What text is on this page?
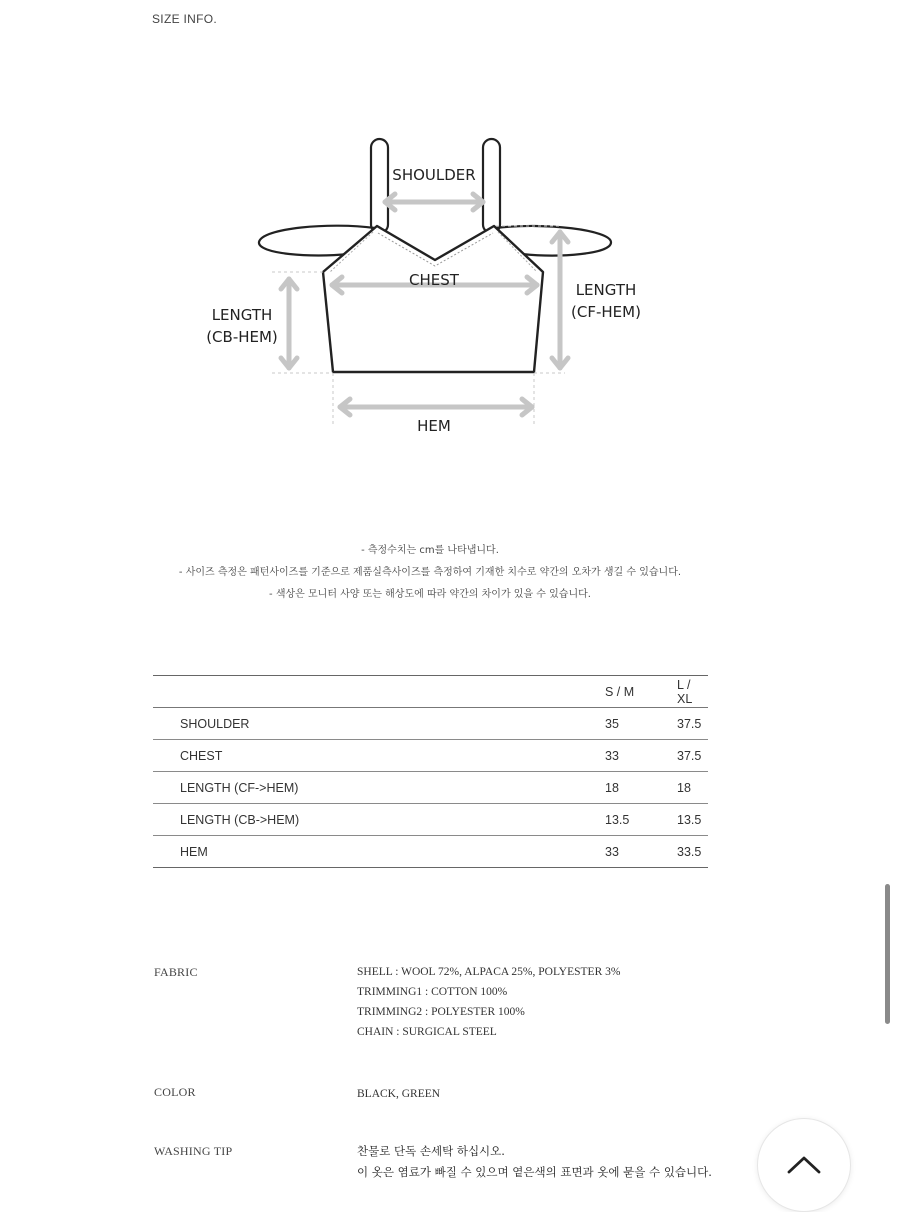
SIZE INFO.
SHOULDER
CHEST
LENGTH
(CB-HEM)
LENGTH
(CF-HEM)
HEM
- 측정수치는 cm를 나타냅니다.
- 사이즈 측정은 패턴사이즈를 기준으로 제품실측사이즈를 측정하여 기재한 치수로 약간의 오차가 생길 수 있습니다.
- 색상은 모니터 사양 또는 해상도에 따라 약간의 차이가 있을 수 있습니다.
	S / M	L / XL
SHOULDER	35	37.5
CHEST	33	37.5
LENGTH (CF->HEM)	18	18
LENGTH (CB->HEM)	13.5	13.5
HEM	33	33.5
FABRIC	SHELL : WOOL 72%, ALPACA 25%, POLYESTER 3%
TRIMMING1 : COTTON 100%
TRIMMING2 : POLYESTER 100%
CHAIN : SURGICAL STEEL
COLOR	BLACK, GREEN
WASHING TIP	찬물로 단독 손세탁 하십시오.
이 옷은 염료가 빠질 수 있으며 옅은색의 표면과 옷에 묻을 수 있습니다.
